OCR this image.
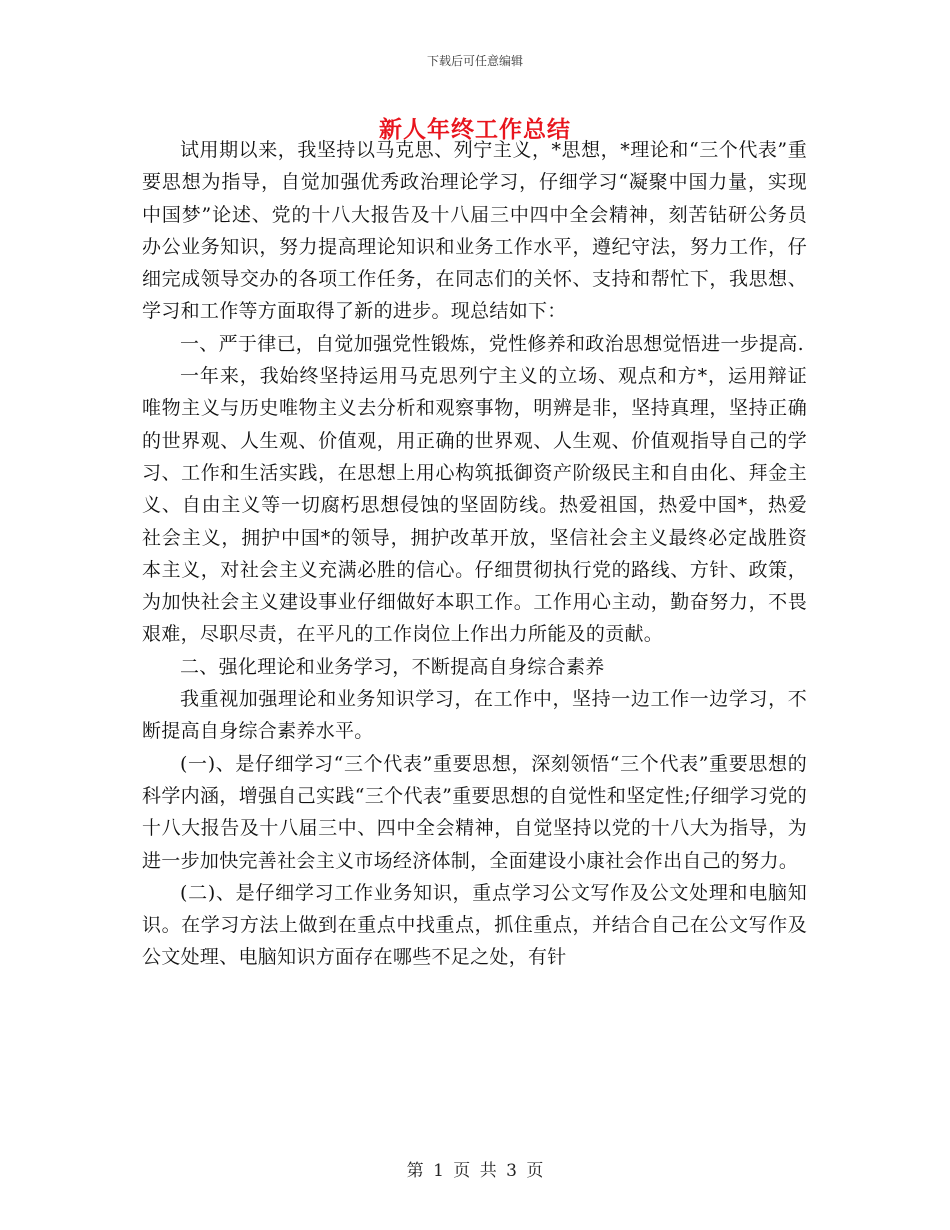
下载后可任意编辑
新人年终工作总结

试用期以来，我坚持以马克思、列宁主义，*思想，*理论和“三个代表”重要思想为指导，自觉加强优秀政治理论学习，仔细学习“凝聚中国力量，实现中国梦”论述、党的十八大报告及十八届三中四中全会精神，刻苦钻研公务员办公业务知识，努力提高理论知识和业务工作水平，遵纪守法，努力工作，仔细完成领导交办的各项工作任务，在同志们的关怀、支持和帮忙下，我思想、学习和工作等方面取得了新的进步。现总结如下：

一、严于律已，自觉加强党性锻炼，党性修养和政治思想觉悟进一步提高.

一年来，我始终坚持运用马克思列宁主义的立场、观点和方*，运用辩证唯物主义与历史唯物主义去分析和观察事物，明辨是非，坚持真理，坚持正确的世界观、人生观、价值观，用正确的世界观、人生观、价值观指导自己的学习、工作和生活实践，在思想上用心构筑抵御资产阶级民主和自由化、拜金主义、自由主义等一切腐朽思想侵蚀的坚固防线。热爱祖国，热爱中国*，热爱社会主义，拥护中国*的领导，拥护改革开放，坚信社会主义最终必定战胜资本主义，对社会主义充满必胜的信心。仔细贯彻执行党的路线、方针、政策，为加快社会主义建设事业仔细做好本职工作。工作用心主动，勤奋努力，不畏艰难，尽职尽责，在平凡的工作岗位上作出力所能及的贡献。

二、强化理论和业务学习，不断提高自身综合素养

我重视加强理论和业务知识学习，在工作中，坚持一边工作一边学习，不断提高自身综合素养水平。

(一)、是仔细学习“三个代表”重要思想，深刻领悟“三个代表”重要思想的科学内涵，增强自己实践“三个代表”重要思想的自觉性和坚定性;仔细学习党的十八大报告及十八届三中、四中全会精神，自觉坚持以党的十八大为指导，为进一步加快完善社会主义市场经济体制，全面建设小康社会作出自己的努力。

(二)、是仔细学习工作业务知识，重点学习公文写作及公文处理和电脑知识。在学习方法上做到在重点中找重点，抓住重点，并结合自己在公文写作及公文处理、电脑知识方面存在哪些不足之处，有针

第 1 页 共 3 页
